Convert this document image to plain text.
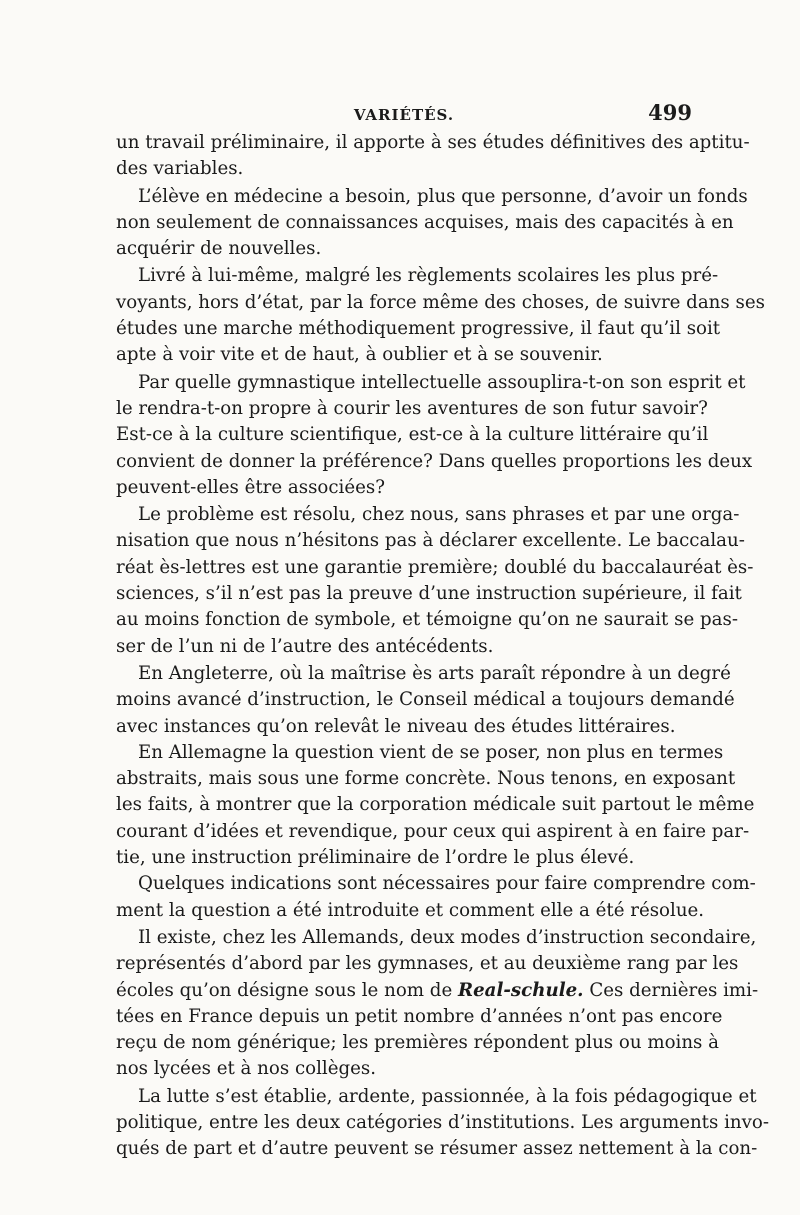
VARIÉTÉS.	499
un travail préliminaire, il apporte à ses études définitives des aptitu-
des variables.
L’élève en médecine a besoin, plus que personne, d’avoir un fonds
non seulement de connaissances acquises, mais des capacités à en
acquérir de nouvelles.
Livré à lui-même, malgré les règlements scolaires les plus pré-
voyants, hors d’état, par la force même des choses, de suivre dans ses
études une marche méthodiquement progressive, il faut qu’il soit
apte à voir vite et de haut, à oublier et à se souvenir.
Par quelle gymnastique intellectuelle assouplira-t-on son esprit et
le rendra-t-on propre à courir les aventures de son futur savoir?
Est-ce à la culture scientifique, est-ce à la culture littéraire qu’il
convient de donner la préférence? Dans quelles proportions les deux
peuvent-elles être associées?
Le problème est résolu, chez nous, sans phrases et par une orga-
nisation que nous n’hésitons pas à déclarer excellente. Le baccalau-
réat ès-lettres est une garantie première; doublé du baccalauréat ès-
sciences, s’il n’est pas la preuve d’une instruction supérieure, il fait
au moins fonction de symbole, et témoigne qu’on ne saurait se pas-
ser de l’un ni de l’autre des antécédents.
En Angleterre, où la maîtrise ès arts paraît répondre à un degré
moins avancé d’instruction, le Conseil médical a toujours demandé
avec instances qu’on relevât le niveau des études littéraires.
En Allemagne la question vient de se poser, non plus en termes
abstraits, mais sous une forme concrète. Nous tenons, en exposant
les faits, à montrer que la corporation médicale suit partout le même
courant d’idées et revendique, pour ceux qui aspirent à en faire par-
tie, une instruction préliminaire de l’ordre le plus élevé.
Quelques indications sont nécessaires pour faire comprendre com-
ment la question a été introduite et comment elle a été résolue.
Il existe, chez les Allemands, deux modes d’instruction secondaire,
représentés d’abord par les gymnases, et au deuxième rang par les
écoles qu’on désigne sous le nom de Real-schule. Ces dernières imi-
tées en France depuis un petit nombre d’années n’ont pas encore
reçu de nom générique; les premières répondent plus ou moins à
nos lycées et à nos collèges.
La lutte s’est établie, ardente, passionnée, à la fois pédagogique et
politique, entre les deux catégories d’institutions. Les arguments invo-
qués de part et d’autre peuvent se résumer assez nettement à la con-
